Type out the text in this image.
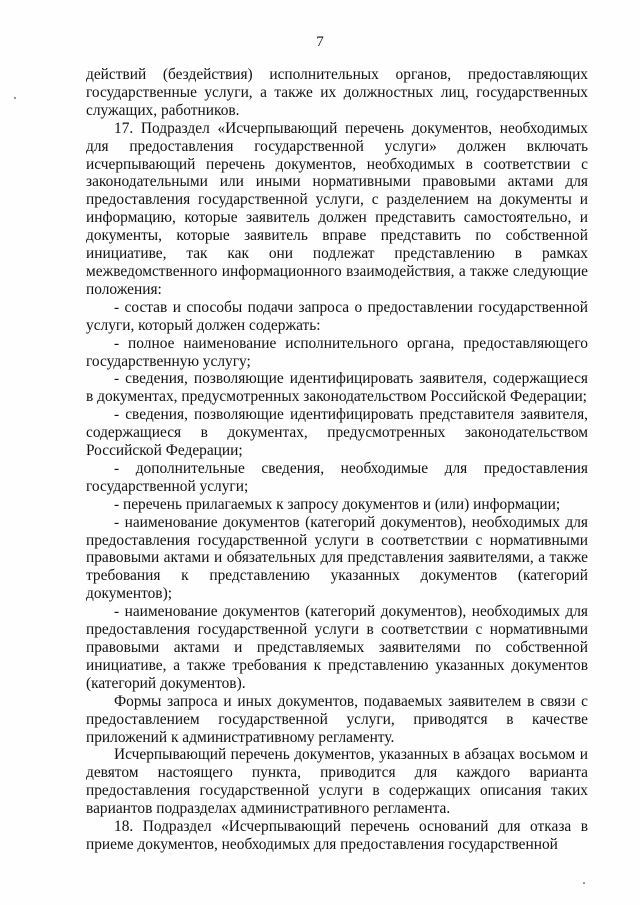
7

действий (бездействия) исполнительных органов, предоставляющих государственные услуги, а также их должностных лиц, государственных служащих, работников.

17. Подраздел «Исчерпывающий перечень документов, необходимых для предоставления государственной услуги» должен включать исчерпывающий перечень документов, необходимых в соответствии с законодательными или иными нормативными правовыми актами для предоставления государственной услуги, с разделением на документы и информацию, которые заявитель должен представить самостоятельно, и документы, которые заявитель вправе представить по собственной инициативе, так как они подлежат представлению в рамках межведомственного информационного взаимодействия, а также следующие положения:

- состав и способы подачи запроса о предоставлении государственной услуги, который должен содержать:

- полное наименование исполнительного органа, предоставляющего государственную услугу;

- сведения, позволяющие идентифицировать заявителя, содержащиеся в документах, предусмотренных законодательством Российской Федерации;

- сведения, позволяющие идентифицировать представителя заявителя, содержащиеся в документах, предусмотренных законодательством Российской Федерации;

- дополнительные сведения, необходимые для предоставления государственной услуги;

- перечень прилагаемых к запросу документов и (или) информации;

- наименование документов (категорий документов), необходимых для предоставления государственной услуги в соответствии с нормативными правовыми актами и обязательных для представления заявителями, а также требования к представлению указанных документов (категорий документов);

- наименование документов (категорий документов), необходимых для предоставления государственной услуги в соответствии с нормативными правовыми актами и представляемых заявителями по собственной инициативе, а также требования к представлению указанных документов (категорий документов).

Формы запроса и иных документов, подаваемых заявителем в связи с предоставлением государственной услуги, приводятся в качестве приложений к административному регламенту.

Исчерпывающий перечень документов, указанных в абзацах восьмом и девятом настоящего пункта, приводится для каждого варианта предоставления государственной услуги в содержащих описания таких вариантов подразделах административного регламента.

18. Подраздел «Исчерпывающий перечень оснований для отказа в приеме документов, необходимых для предоставления государственной
